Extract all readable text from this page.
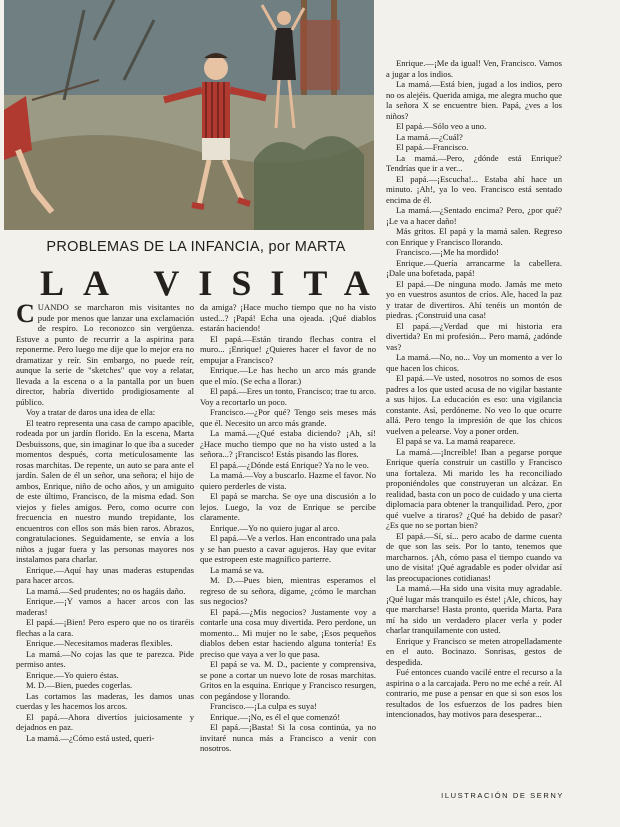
PROBLEMAS DE LA INFANCIA, por MARTA
LA VISITA

CUANDO se marcharon mis visitantes no pude por menos que lanzar una exclamación de respiro. Lo reconozco sin vergüenza. Estuve a punto de recurrir a la aspirina para reponerme. Pero luego me dije que lo mejor era no dramatizar y reír. Sin embargo, no puede reír, aunque la serie de "sketches" que voy a relatar, llevada a la escena o a la pantalla por un buen director, habría divertido prodigiosamente al público.

Voy a tratar de daros una idea de ella:

El teatro representa una casa de campo apacible, rodeada por un jardín florido. En la escena, Marta Desbuissons, que, sin imaginar lo que iba a suceder momentos después, corta meticulosamente las rosas marchitas. De repente, un auto se para ante el jardín. Salen de él un señor, una señora; el hijo de ambos, Enrique, niño de ocho años, y un amiguito de este último, Francisco, de la misma edad. Son viejos y fieles amigos. Pero, como ocurre con frecuencia en nuestro mundo trepidante, los encuentros con ellos son más bien raros. Abrazos, congratulaciones. Seguidamente, se envía a los niños a jugar fuera y las personas mayores nos instalamos para charlar.

Enrique.—Aquí hay unas maderas estupendas para hacer arcos.

La mamá.—Sed prudentes; no os hagáis daño.

Enrique.—¡Y vamos a hacer arcos con las maderas!

El papá.—¡Bien! Pero espero que no os tiraréis flechas a la cara.

Enrique.—Necesitamos maderas flexibles.

La mamá.—No cojas las que te parezca. Pide permiso antes.

Enrique.—Yo quiero éstas.

M. D.—Bien, puedes cogerlas.

Las cortamos las maderas, les damos unas cuerdas y les hacemos los arcos.

El papá.—Ahora divertíos juiciosamente y dejadnos en paz.

La mamá.—¿Cómo está usted, queri-

da amiga? ¡Hace mucho tiempo que no ha visto usted...? ¡Papá! Echa una ojeada. ¡Qué diablos estarán haciendo!

El papá.—Están tirando flechas contra el muro... ¡Enrique! ¿Quieres hacer el favor de no empujar a Francisco?

Enrique.—Le has hecho un arco más grande que el mío. (Se echa a llorar.)

El papá.—Eres un tonto, Francisco; trae tu arco. Voy a recortarlo un poco.

Francisco.—¿Por qué? Tengo seis meses más que él. Necesito un arco más grande.

La mamá.—¿Qué estaba diciendo? ¡Ah, sí! ¿Hace mucho tiempo que no ha visto usted a la señora...? ¡Francisco! Estás pisando las flores.

El papá.—¿Dónde está Enrique? Ya no le veo.

La mamá.—Voy a buscarlo. Hazme el favor. No quiero perderles de vista.

El papá se marcha. Se oye una discusión a lo lejos. Luego, la voz de Enrique se percibe claramente.

Enrique.—Yo no quiero jugar al arco.

El papá.—Ve a verlos. Han encontrado una pala y se han puesto a cavar agujeros. Hay que evitar que estropeen este magnífico parterre.

La mamá se va.

M. D.—Pues bien, mientras esperamos el regreso de su señora, dígame, ¿cómo le marchan sus negocios?

El papá.—¿Mis negocios? Justamente voy a contarle una cosa muy divertida. Pero perdone, un momento... Mi mujer no le sabe, ¡Esos pequeños diablos deben estar haciendo alguna tontería! Es preciso que vaya a ver lo que pasa.

El papá se va. M. D., paciente y comprensiva, se pone a cortar un nuevo lote de rosas marchitas. Gritos en la esquina. Enrique y Francisco resurgen, con pegándose y llorando.

Francisco.—¡La culpa es suya!

Enrique.—¡No, es él el que comenzó!

El papá.—¡Basta! Si la cosa continúa, ya no invitaré nunca más a Francisco a venir con nosotros.

Enrique.—¡Me da igual! Ven, Francisco. Vamos a jugar a los indios.

La mamá.—Está bien, jugad a los indios, pero no os alejéis. Querida amiga, me alegra mucho que la señora X se encuentre bien. Papá, ¿ves a los niños?

El papá.—Sólo veo a uno.

La mamá.—¿Cuál?

El papá.—Francisco.

La mamá.—Pero, ¿dónde está Enrique? Tendrías que ir a ver...

El papá.—¡Escucha!... Estaba ahí hace un minuto. ¡Ah!, ya lo veo. Francisco está sentado encima de él.

La mamá.—¿Sentado encima? Pero, ¿por qué? ¡Le va a hacer daño!

Más gritos. El papá y la mamá salen. Regreso con Enrique y Francisco llorando.

Francisco.—¡Me ha mordido!

Enrique.—Quería arrancarme la cabellera. ¡Dale una bofetada, papá!

El papá.—De ninguna modo. Jamás me meto yo en vuestros asuntos de críos. Ale, haced la paz y tratar de divertiros. Ahí tenéis un montón de piedras. ¡Construid una casa!

El papá.—¿Verdad que mi historia era divertida? En mi profesión... Pero mamá, ¿adónde vas?

La mamá.—No, no... Voy un momento a ver lo que hacen los chicos.

El papá.—Ve usted, nosotros no somos de esos padres a los que usted acusa de no vigilar bastante a sus hijos. La educación es eso: una vigilancia constante. Así, perdóneme. No veo lo que ocurre allá. Pero tengo la impresión de que los chicos vuelven a pelearse. Voy a poner orden.

El papá se va. La mamá reaparece.

La mamá.—¡Increíble! Iban a pegarse porque Enrique quería construir un castillo y Francisco una fortaleza. Mi marido les ha reconciliado proponiéndoles que construyeran un alcázar. En realidad, basta con un poco de cuidado y una cierta diplomacia para obtener la tranquilidad. Pero, ¿por qué vuelve a tiraros? ¿Qué ha debido de pasar? ¿Es que no se portan bien?

El papá.—Sí, sí... pero acabo de darme cuenta de que son las seis. Por lo tanto, tenemos que marcharnos. ¡Ah, cómo pasa el tiempo cuando va uno de visita! ¡Qué agradable es poder olvidar así las preocupaciones cotidianas!

La mamá.—Ha sido una visita muy agradable. ¡Qué lugar más tranquilo es éste! ¡Ale, chicos, hay que marcharse! Hasta pronto, querida Marta. Para mí ha sido un verdadero placer verla y poder charlar tranquilamente con usted.

Enrique y Francisco se meten atropelladamente en el auto. Bocinazo. Sonrisas, gestos de despedida.

Fué entonces cuando vacilé entre el recurso a la aspirina o a la carcajada. Pero no me eché a reír. Al contrario, me puse a pensar en que si son esos los resultados de los esfuerzos de los padres bien intencionados, hay motivos para desesperar...

ILUSTRACIÓN DE SERNY
